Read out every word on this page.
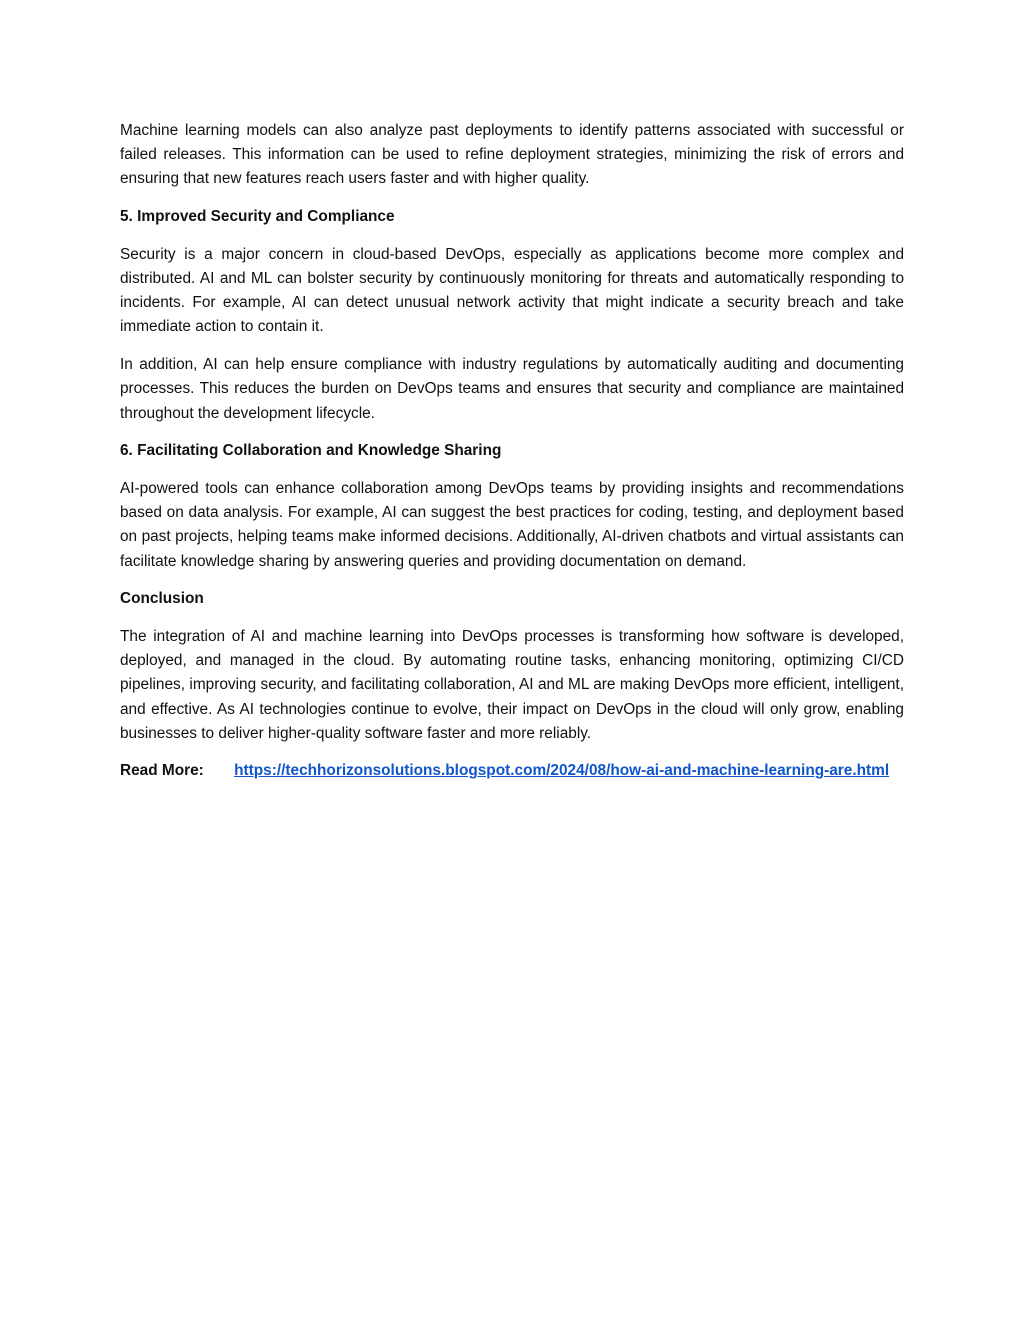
Machine learning models can also analyze past deployments to identify patterns associated with successful or failed releases. This information can be used to refine deployment strategies, minimizing the risk of errors and ensuring that new features reach users faster and with higher quality.

5. Improved Security and Compliance

Security is a major concern in cloud-based DevOps, especially as applications become more complex and distributed. AI and ML can bolster security by continuously monitoring for threats and automatically responding to incidents. For example, AI can detect unusual network activity that might indicate a security breach and take immediate action to contain it.

In addition, AI can help ensure compliance with industry regulations by automatically auditing and documenting processes. This reduces the burden on DevOps teams and ensures that security and compliance are maintained throughout the development lifecycle.

6. Facilitating Collaboration and Knowledge Sharing

AI-powered tools can enhance collaboration among DevOps teams by providing insights and recommendations based on data analysis. For example, AI can suggest the best practices for coding, testing, and deployment based on past projects, helping teams make informed decisions. Additionally, AI-driven chatbots and virtual assistants can facilitate knowledge sharing by answering queries and providing documentation on demand.

Conclusion

The integration of AI and machine learning into DevOps processes is transforming how software is developed, deployed, and managed in the cloud. By automating routine tasks, enhancing monitoring, optimizing CI/CD pipelines, improving security, and facilitating collaboration, AI and ML are making DevOps more efficient, intelligent, and effective. As AI technologies continue to evolve, their impact on DevOps in the cloud will only grow, enabling businesses to deliver higher-quality software faster and more reliably.

Read More: https://techhorizonsolutions.blogspot.com/2024/08/how-ai-and-machine-learning-are.html
